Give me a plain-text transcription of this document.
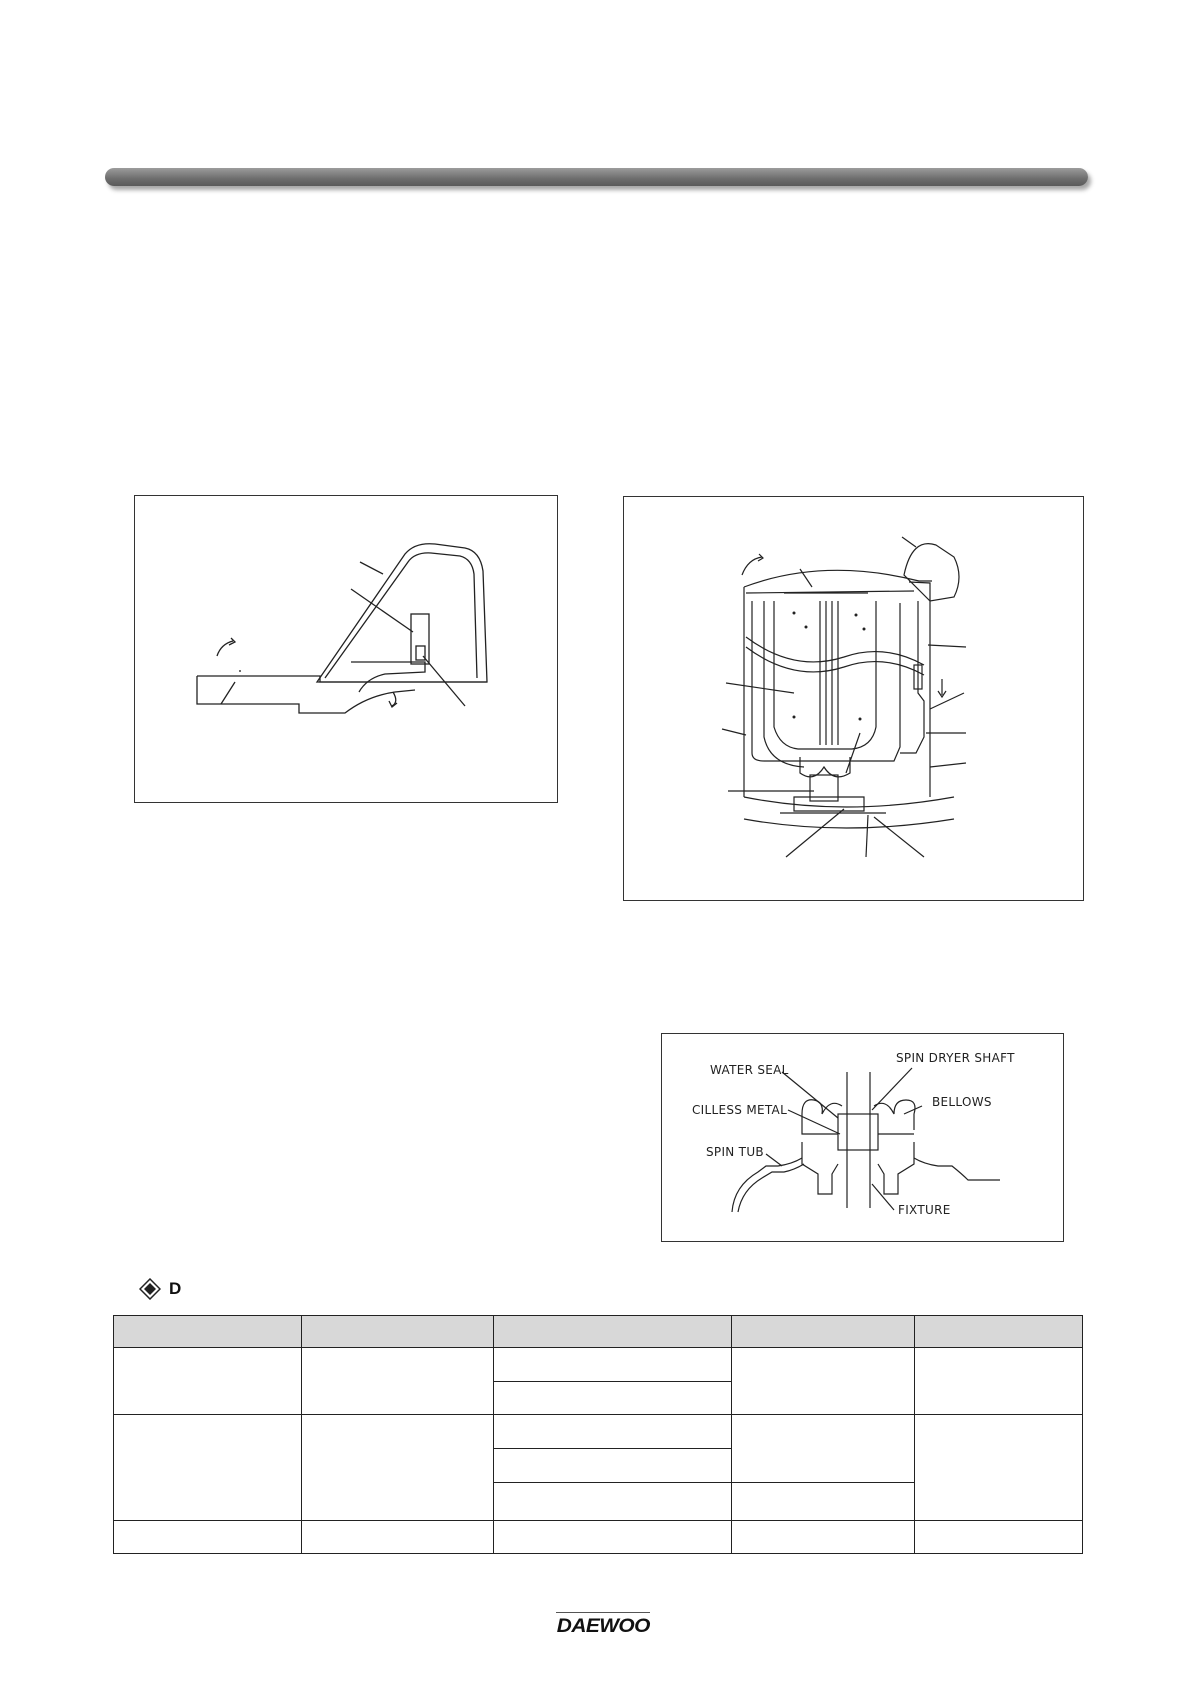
WATER SEAL
CILLESS METAL
SPIN TUB
SPIN DRYER SHAFT
BELLOWS
FIXTURE
D

DAEWOO
